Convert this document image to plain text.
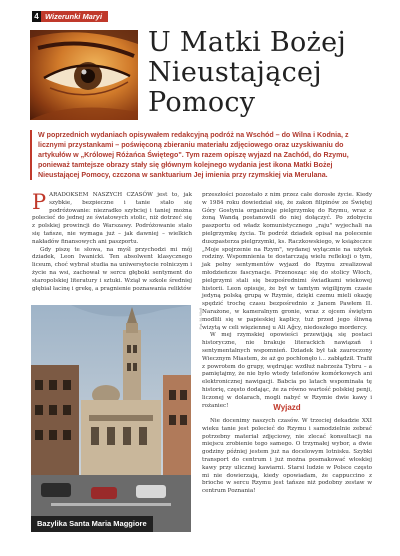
4 Wizerunki Maryi
U Matki Bożej Nieustającej Pomocy

W poprzednich wydaniach opisywałem redakcyjną podróż na Wschód – do Wilna i Kodnia, z licznymi przystankami – poświęconą zbieraniu materiału zdjęciowego oraz uzyskiwaniu do artykułów w „Królowej Różańca Świętego". Tym razem opiszę wyjazd na Zachód, do Rzymu, ponieważ tamtejsze obrazy stały się głównym kolejnego wydania jest ikona Matki Bożej Nieustającej Pomocy, czczona w sanktuarium Jej imienia przy rzymskiej via Merulana.

PARADOKSEM NASZYCH CZASÓW jest to, jak szybkie, bezpieczne i tanie stało się podróżowanie: niezradko szybciej i taniej można polecieć do jednej ze światowych stolic, niż dotrzeć się z polskiej prowincji do Warszawy. Podróżowanie stało się tańsze, nie wymaga już – jak dawniej – wielkich nakładów finansowych ani paszportu.

Gdy piszę te słowa, na myśl przychodzi mi mój dziadek, Leon Iwanicki. Ten absolwent klasycznego liceum, choć wybrał studia na uniwersytecie rolniczym i życie na wsi, zachował w sercu głęboki sentyment do staropolskiej literatury i sztuki. Wziął w szkole średniej głębiał łacinę i grekę, a pragnienie poznawania reliktów

Bazylika Santa Maria Maggiore
Fot. M. Wolf

przeszłości pozostało z nim przez całe dorosłe życie. Kiedy w 1984 roku dowiedział się, że zakon filipinów ze Świętej Góry Gostynia organizuje pielgrzymkę do Rzymu, wraz z żoną Wandą postanowili do niej dołączyć. Po zdobyciu paszportu od władz komunistycznego „raju" wyjechali na pielgrzymkę życia. Te podróż dziadek opisał na polecenie duszpasterza pielgrzymki, ks. Raczkowskiego, w książeczce „Moje spojrzenie na Rzym", wydanej wyłącznie na użytek rodziny. Wspomnienia te dostarczają wielu refleksji o tym, jak pełny sentymentów wyjazd do Rzymu zrealizował młodzieńcze fascynacje. Przenosząc się do stolicy Włoch, pielgrzymi stali się bezpośrednimi świadkami wiekowej historii. Leon opisuje, że był w tamtym wigilijnym czasie jedyną polską grupą w Rzymie, dzięki czemu mieli okazję spędzić trochę czasu bezpośrednio z Janem Pawłem II. Narażone, w kameralnym gronie, wraz z ojcem świętym modlili się w papieskiej kaplicy, tuż przed jego śliwną wizytą w celi więziennej u Ali Ağcy, niedoszłego mordercy.

W mej rzymskiej opowieści przewijają się postaci historyczne, nie brakuje literackich nawiązań i sentymentalnych wspomnień. Dziadek był tak zauroczony Wiecznym Miastem, że aż go pochłonęło i... zabłądził. Trafił z powrotem do grupy, wędrując wzdłuż nabrzeża Tybru – a pamiętajmy, że nie było wtedy telefonów komórkowych ani elektronicznej nawigacji. Babcia po latach wspominała tę historię, często dodając, że za równo wartość polskiej penji, liczonej w dolarach, mogli nabyć w Rzymie dwie kawy i rożaniec!	Wyjazd

Nie docenimy naszych czasów. W trzeciej dekadzie XXI wieku tanie jest polecieć do Rzymu i samodzielnie zebrać potrzebny materiał zdjęciowy, nie zlecać konsultacji na miejscu zrobienie tego samego. O trzymałej wybor, a dwie godziny później jestem już na docelowym lotnisku. Szybki transport do centrum i już można posmakować włoskiej kawy przy ulicznej kawiarni. Starsi ludzie w Polsce często mi nie dowierzają, kiedy opowiadam, że cappuccino z brioche w sercu Rzymu jest tańsze niż podobny zestaw w centrum Poznania!
